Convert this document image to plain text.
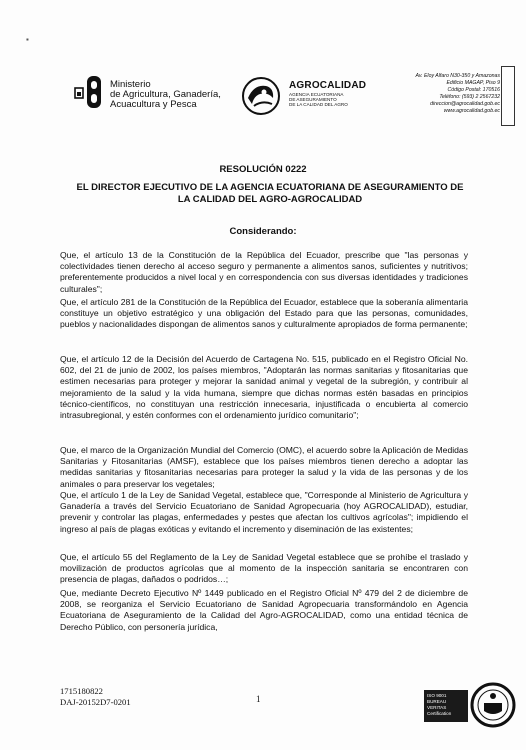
▪
Ministerio
de Agricultura, Ganadería,
Acuacultura y Pesca
AGROCALIDAD
AGENCIA ECUATORIANA
DE ASEGURAMIENTO
DE LA CALIDAD DEL AGRO
Av. Eloy Alfaro N30-350 y Amazonas
Edificio MAGAP, Piso 9
Código Postal: 170516
Teléfono: (593) 2 2567232
direccion@agrocalidad.gob.ec
www.agrocalidad.gob.ec
RESOLUCIÓN 0222
EL DIRECTOR EJECUTIVO DE LA AGENCIA ECUATORIANA DE ASEGURAMIENTO DE LA CALIDAD DEL AGRO-AGROCALIDAD
Considerando:
Que, el artículo 13 de la Constitución de la República del Ecuador, prescribe que "las personas y colectividades tienen derecho al acceso seguro y permanente a alimentos sanos, suficientes y nutritivos; preferentemente producidos a nivel local y en correspondencia con sus diversas identidades y tradiciones culturales";
Que, el artículo 281 de la Constitución de la República del Ecuador, establece que la soberanía alimentaria constituye un objetivo estratégico y una obligación del Estado para que las personas, comunidades, pueblos y nacionalidades dispongan de alimentos sanos y culturalmente apropiados de forma permanente;
Que, el artículo 12 de la Decisión del Acuerdo de Cartagena No. 515, publicado en el Registro Oficial No. 602, del 21 de junio de 2002, los países miembros, "Adoptarán las normas sanitarias y fitosanitarias que estimen necesarias para proteger y mejorar la sanidad animal y vegetal de la subregión, y contribuir al mejoramiento de la salud y la vida humana, siempre que dichas normas estén basadas en principios técnico-científicos, no constituyan una restricción innecesaria, injustificada o encubierta al comercio intrasubregional, y estén conformes con el ordenamiento jurídico comunitario";
Que, el marco de la Organización Mundial del Comercio (OMC), el acuerdo sobre la Aplicación de Medidas Sanitarias y Fitosanitarias (AMSF), establece que los países miembros tienen derecho a adoptar las medidas sanitarias y fitosanitarias necesarias para proteger la salud y la vida de las personas y de los animales o para preservar los vegetales;
Que, el artículo 1 de la Ley de Sanidad Vegetal, establece que, "Corresponde al Ministerio de Agricultura y Ganadería a través del Servicio Ecuatoriano de Sanidad Agropecuaria (hoy AGROCALIDAD), estudiar, prevenir y controlar las plagas, enfermedades y pestes que afectan los cultivos agrícolas"; impidiendo el ingreso al país de plagas exóticas y evitando el incremento y diseminación de las existentes;
Que, el artículo 55 del Reglamento de la Ley de Sanidad Vegetal establece que se prohíbe el traslado y movilización de productos agrícolas que al momento de la inspección sanitaria se encontraren con presencia de plagas, dañados o podridos…;
Que, mediante Decreto Ejecutivo Nº 1449 publicado en el Registro Oficial Nº 479 del 2 de diciembre de 2008, se reorganiza el Servicio Ecuatoriano de Sanidad Agropecuaria transformándolo en Agencia Ecuatoriana de Aseguramiento de la Calidad del Agro-AGROCALIDAD, como una entidad técnica de Derecho Público, con personería jurídica,
1715180822
DAJ-20152D7-0201	1	ISO 9001
BUREAU VERITAS
Certification
